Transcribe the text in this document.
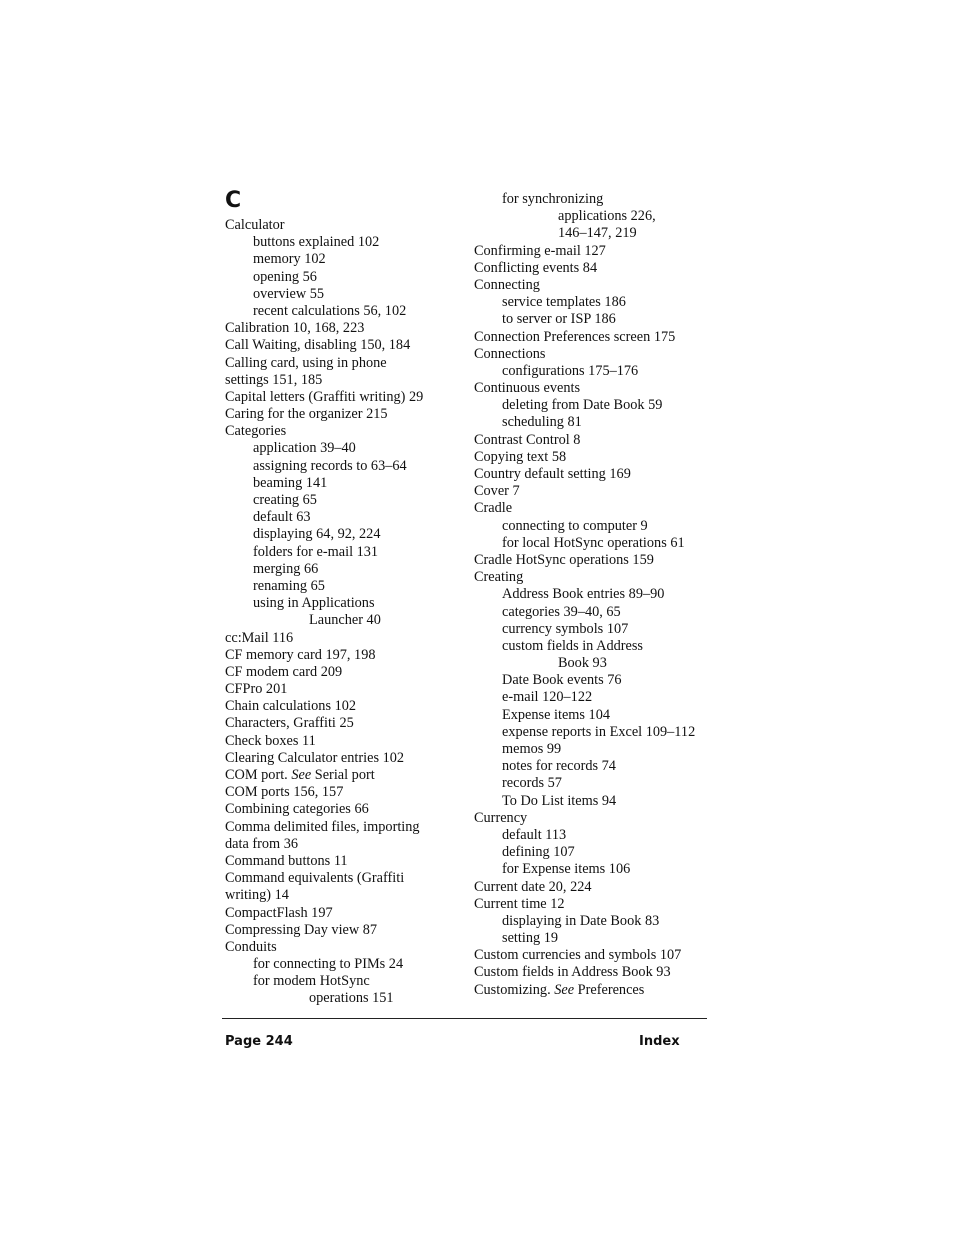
C
Calculator
buttons explained 102
memory 102
opening 56
overview 55
recent calculations 56, 102
Calibration 10, 168, 223
Call Waiting, disabling 150, 184
Calling card, using in phone
settings 151, 185
Capital letters (Graffiti writing) 29
Caring for the organizer 215
Categories
application 39–40
assigning records to 63–64
beaming 141
creating 65
default 63
displaying 64, 92, 224
folders for e-mail 131
merging 66
renaming 65
using in Applications
Launcher 40
cc:Mail 116
CF memory card 197, 198
CF modem card 209
CFPro 201
Chain calculations 102
Characters, Graffiti 25
Check boxes 11
Clearing Calculator entries 102
COM port. See Serial port
COM ports 156, 157
Combining categories 66
Comma delimited files, importing
data from 36
Command buttons 11
Command equivalents (Graffiti
writing) 14
CompactFlash 197
Compressing Day view 87
Conduits
for connecting to PIMs 24
for modem HotSync
operations 151
for synchronizing
applications 226,
146–147, 219
Confirming e-mail 127
Conflicting events 84
Connecting
service templates 186
to server or ISP 186
Connection Preferences screen 175
Connections
configurations 175–176
Continuous events
deleting from Date Book 59
scheduling 81
Contrast Control 8
Copying text 58
Country default setting 169
Cover 7
Cradle
connecting to computer 9
for local HotSync operations 61
Cradle HotSync operations 159
Creating
Address Book entries 89–90
categories 39–40, 65
currency symbols 107
custom fields in Address
Book 93
Date Book events 76
e-mail 120–122
Expense items 104
expense reports in Excel 109–112
memos 99
notes for records 74
records 57
To Do List items 94
Currency
default 113
defining 107
for Expense items 106
Current date 20, 224
Current time 12
displaying in Date Book 83
setting 19
Custom currencies and symbols 107
Custom fields in Address Book 93
Customizing. See Preferences
Page 244	Index
